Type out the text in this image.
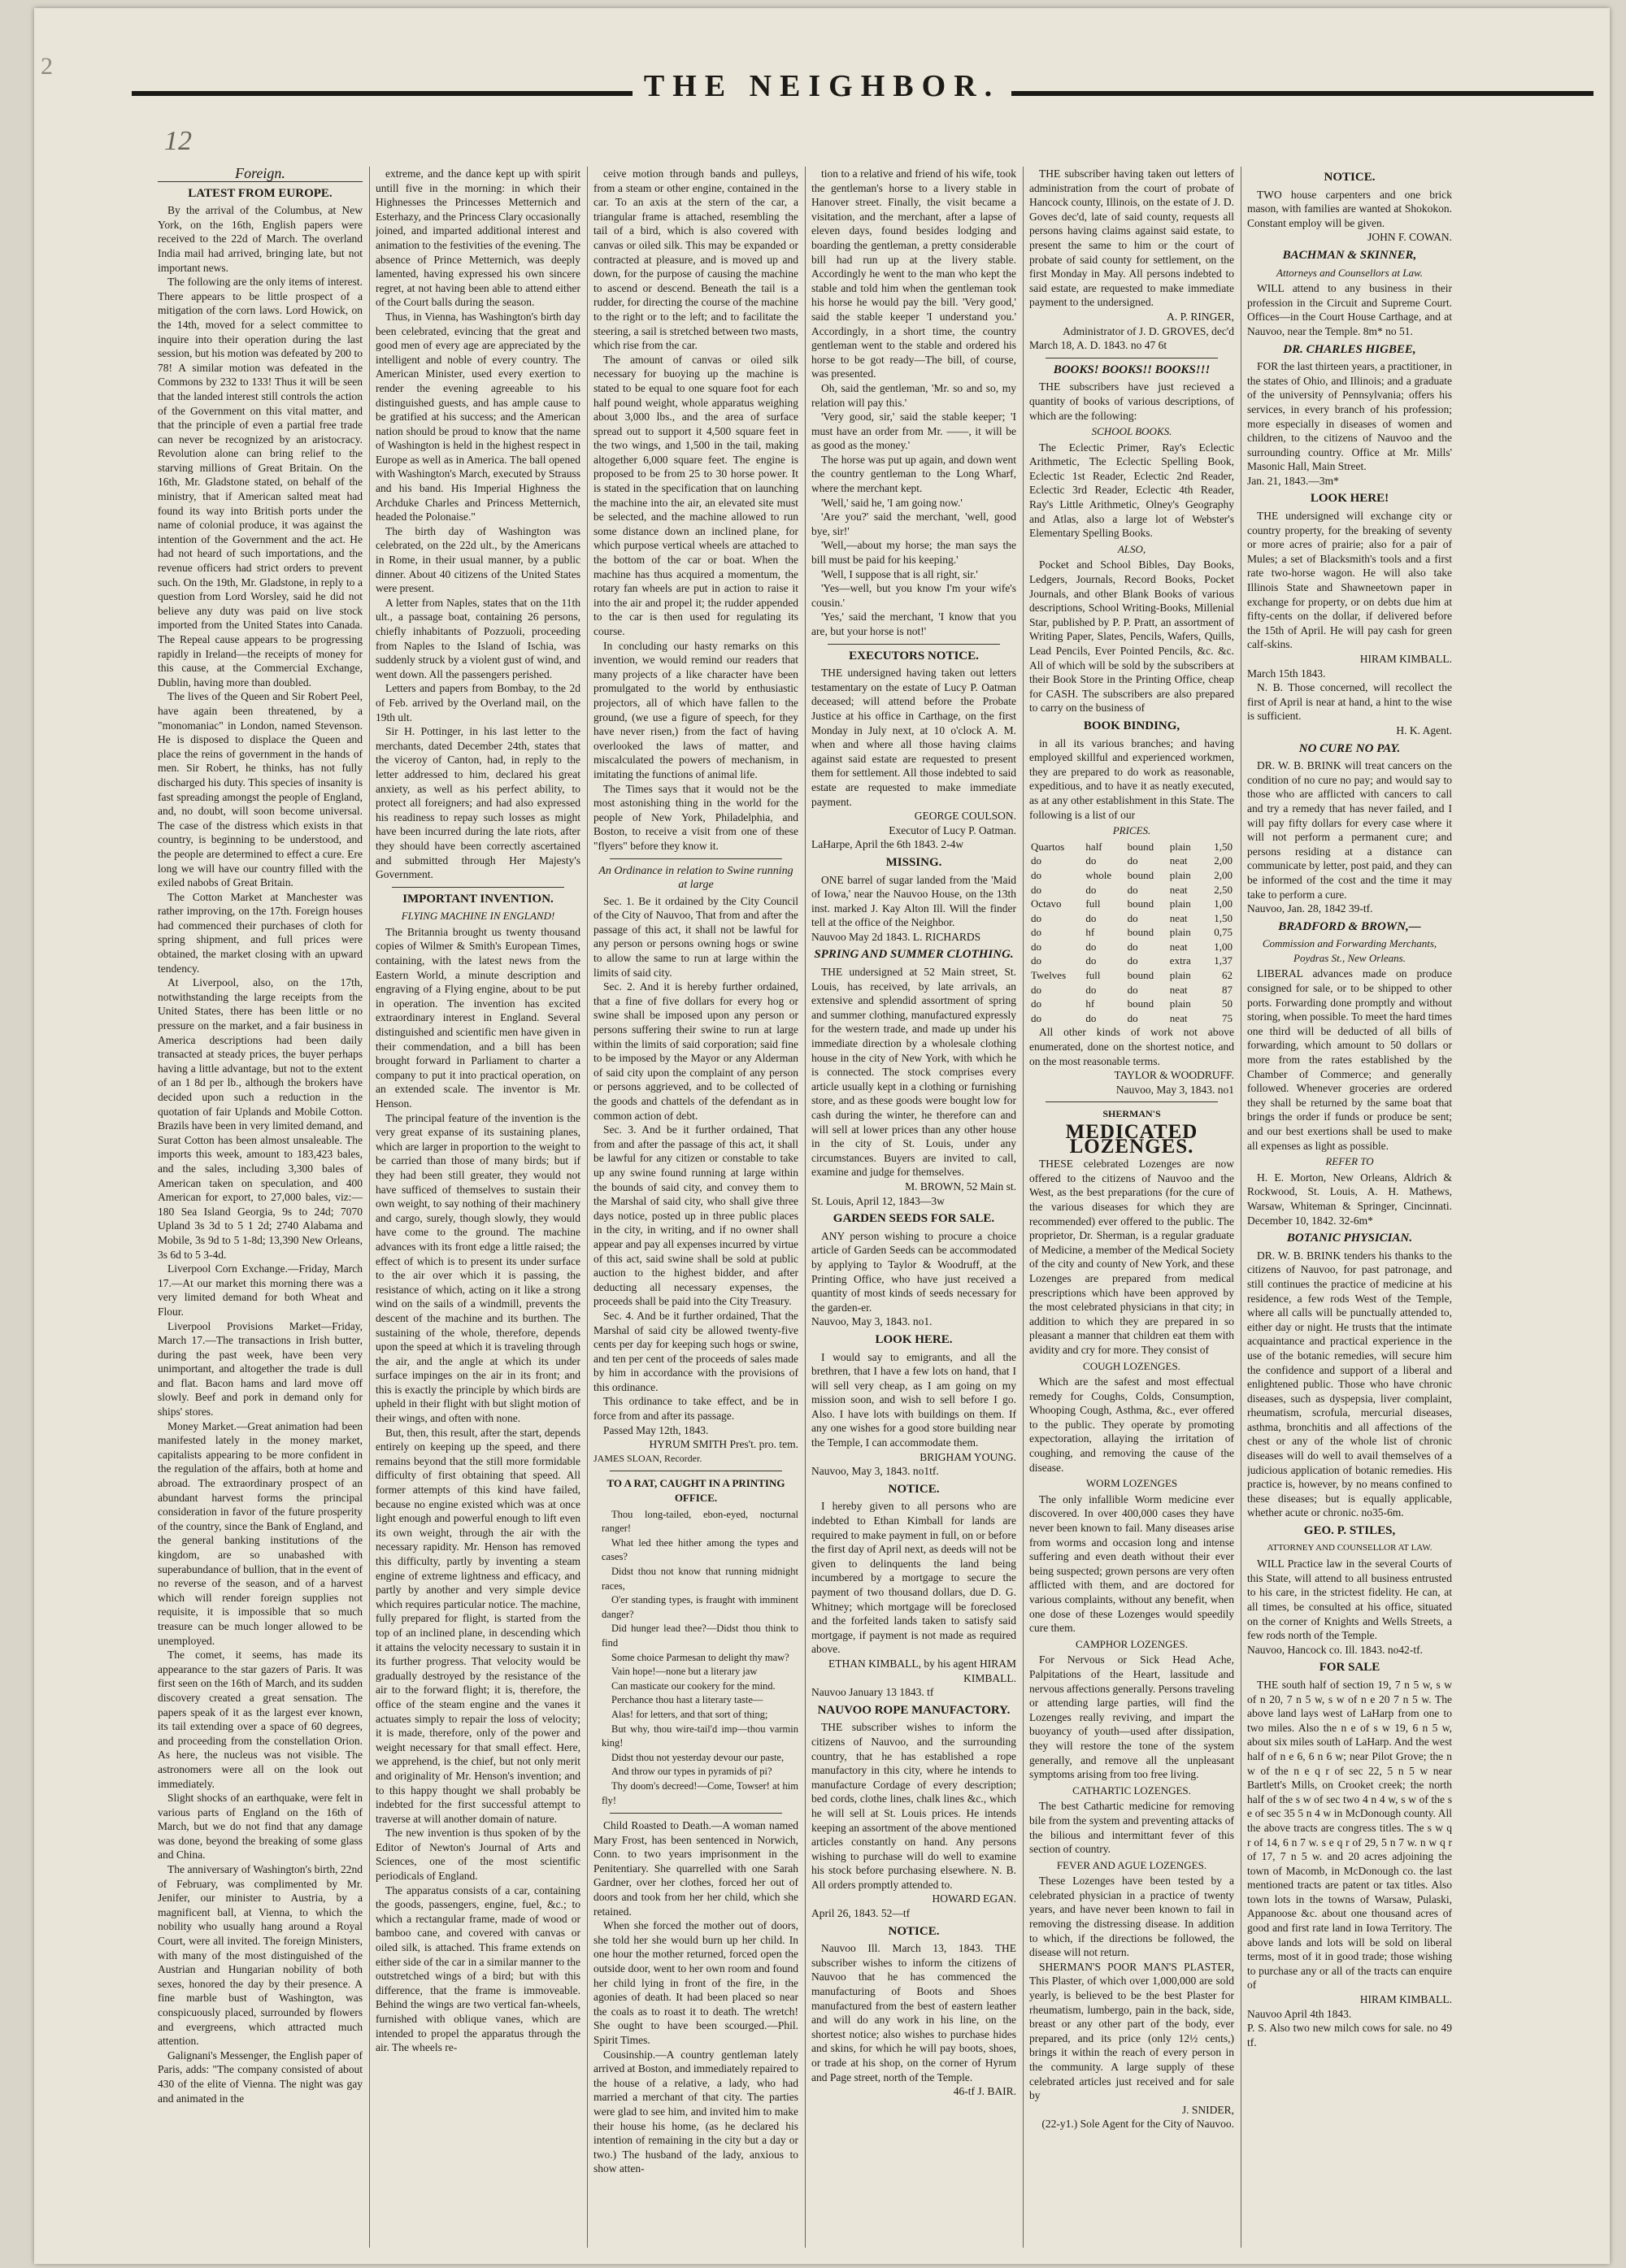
2
THE NEIGHBOR.
12
Foreign.
LATEST FROM EUROPE.

By the arrival of the Columbus, at New York, on the 16th, English papers were received to the 22d of March. The overland India mail had arrived, bringing late, but not important news.

The following are the only items of interest. There appears to be little prospect of a mitigation of the corn laws. Lord Howick, on the 14th, moved for a select committee to inquire into their operation during the last session, but his motion was defeated by 200 to 78! A similar motion was defeated in the Commons by 232 to 133! Thus it will be seen that the landed interest still controls the action of the Government on this vital matter, and that the principle of even a partial free trade can never be recognized by an aristocracy. Revolution alone can bring relief to the starving millions of Great Britain. On the 16th, Mr. Gladstone stated, on behalf of the ministry, that if American salted meat had found its way into British ports under the name of colonial produce, it was against the intention of the Government and the act. He had not heard of such importations, and the revenue officers had strict orders to prevent such. On the 19th, Mr. Gladstone, in reply to a question from Lord Worsley, said he did not believe any duty was paid on live stock imported from the United States into Canada. The Repeal cause appears to be progressing rapidly in Ireland—the receipts of money for this cause, at the Commercial Exchange, Dublin, having more than doubled.

The lives of the Queen and Sir Robert Peel, have again been threatened, by a "monomaniac" in London, named Stevenson. He is disposed to displace the Queen and place the reins of government in the hands of men. Sir Robert, he thinks, has not fully discharged his duty. This species of insanity is fast spreading amongst the people of England, and, no doubt, will soon become universal. The case of the distress which exists in that country, is beginning to be understood, and the people are determined to effect a cure. Ere long we will have our country filled with the exiled nabobs of Great Britain.

The Cotton Market at Manchester was rather improving, on the 17th. Foreign houses had commenced their purchases of cloth for spring shipment, and full prices were obtained, the market closing with an upward tendency.

At Liverpool, also, on the 17th, notwithstanding the large receipts from the United States, there has been little or no pressure on the market, and a fair business in America descriptions had been daily transacted at steady prices, the buyer perhaps having a little advantage, but not to the extent of an 1 8d per lb., although the brokers have decided upon such a reduction in the quotation of fair Uplands and Mobile Cotton. Brazils have been in very limited demand, and Surat Cotton has been almost unsaleable. The imports this week, amount to 183,423 bales, and the sales, including 3,300 bales of American taken on speculation, and 400 American for export, to 27,000 bales, viz:—180 Sea Island Georgia, 9s to 24d; 7070 Upland 3s 3d to 5 1 2d; 2740 Alabama and Mobile, 3s 9d to 5 1-8d; 13,390 New Orleans, 3s 6d to 5 3-4d.

Liverpool Corn Exchange.—Friday, March 17.—At our market this morning there was a very limited demand for both Wheat and Flour.

Liverpool Provisions Market—Friday, March 17.—The transactions in Irish butter, during the past week, have been very unimportant, and altogether the trade is dull and flat. Bacon hams and lard move off slowly. Beef and pork in demand only for ships' stores.

Money Market.—Great animation had been manifested lately in the money market, capitalists appearing to be more confident in the regulation of the affairs, both at home and abroad. The extraordinary prospect of an abundant harvest forms the principal consideration in favor of the future prosperity of the country, since the Bank of England, and the general banking institutions of the kingdom, are so unabashed with superabundance of bullion, that in the event of no reverse of the season, and of a harvest which will render foreign supplies not requisite, it is impossible that so much treasure can be much longer allowed to be unemployed.

The comet, it seems, has made its appearance to the star gazers of Paris. It was first seen on the 16th of March, and its sudden discovery created a great sensation. The papers speak of it as the largest ever known, its tail extending over a space of 60 degrees, and proceeding from the constellation Orion. As here, the nucleus was not visible. The astronomers were all on the look out immediately.

Slight shocks of an earthquake, were felt in various parts of England on the 16th of March, but we do not find that any damage was done, beyond the breaking of some glass and China.

The anniversary of Washington's birth, 22nd of February, was complimented by Mr. Jenifer, our minister to Austria, by a magnificent ball, at Vienna, to which the nobility who usually hang around a Royal Court, were all invited. The foreign Ministers, with many of the most distinguished of the Austrian and Hungarian nobility of both sexes, honored the day by their presence. A fine marble bust of Washington, was conspicuously placed, surrounded by flowers and evergreens, which attracted much attention.

Galignani's Messenger, the English paper of Paris, adds: "The company consisted of about 430 of the elite of Vienna. The night was gay and animated in the

extreme, and the dance kept up with spirit untill five in the morning: in which their Highnesses the Princesses Metternich and Esterhazy, and the Princess Clary occasionally joined, and imparted additional interest and animation to the festivities of the evening. The absence of Prince Metternich, was deeply lamented, having expressed his own sincere regret, at not having been able to attend either of the Court balls during the season.

Thus, in Vienna, has Washington's birth day been celebrated, evincing that the great and good men of every age are appreciated by the intelligent and noble of every country. The American Minister, used every exertion to render the evening agreeable to his distinguished guests, and has ample cause to be gratified at his success; and the American nation should be proud to know that the name of Washington is held in the highest respect in Europe as well as in America. The ball opened with Washington's March, executed by Strauss and his band. His Imperial Highness the Archduke Charles and Princess Metternich, headed the Polonaise."

The birth day of Washington was celebrated, on the 22d ult., by the Americans in Rome, in their usual manner, by a public dinner. About 40 citizens of the United States were present.

A letter from Naples, states that on the 11th ult., a passage boat, containing 26 persons, chiefly inhabitants of Pozzuoli, proceeding from Naples to the Island of Ischia, was suddenly struck by a violent gust of wind, and went down. All the passengers perished.

Letters and papers from Bombay, to the 2d of Feb. arrived by the Overland mail, on the 19th ult.

Sir H. Pottinger, in his last letter to the merchants, dated December 24th, states that the viceroy of Canton, had, in reply to the letter addressed to him, declared his great anxiety, as well as his perfect ability, to protect all foreigners; and had also expressed his readiness to repay such losses as might have been incurred during the late riots, after they should have been correctly ascertained and submitted through Her Majesty's Government.

IMPORTANT INVENTION.
FLYING MACHINE IN ENGLAND!

The Britannia brought us twenty thousand copies of Wilmer & Smith's European Times, containing, with the latest news from the Eastern World, a minute description and engraving of a Flying engine, about to be put in operation. The invention has excited extraordinary interest in England. Several distinguished and scientific men have given in their commendation, and a bill has been brought forward in Parliament to charter a company to put it into practical operation, on an extended scale. The inventor is Mr. Henson.

The principal feature of the invention is the very great expanse of its sustaining planes, which are larger in proportion to the weight to be carried than those of many birds; but if they had been still greater, they would not have sufficed of themselves to sustain their own weight, to say nothing of their machinery and cargo, surely, though slowly, they would have come to the ground. The machine advances with its front edge a little raised; the effect of which is to present its under surface to the air over which it is passing, the resistance of which, acting on it like a strong wind on the sails of a windmill, prevents the descent of the machine and its burthen. The sustaining of the whole, therefore, depends upon the speed at which it is traveling through the air, and the angle at which its under surface impinges on the air in its front; and this is exactly the principle by which birds are upheld in their flight with but slight motion of their wings, and often with none.

But, then, this result, after the start, depends entirely on keeping up the speed, and there remains beyond that the still more formidable difficulty of first obtaining that speed. All former attempts of this kind have failed, because no engine existed which was at once light enough and powerful enough to lift even its own weight, through the air with the necessary rapidity. Mr. Henson has removed this difficulty, partly by inventing a steam engine of extreme lightness and efficacy, and partly by another and very simple device which requires particular notice. The machine, fully prepared for flight, is started from the top of an inclined plane, in descending which it attains the velocity necessary to sustain it in its further progress. That velocity would be gradually destroyed by the resistance of the air to the forward flight; it is, therefore, the office of the steam engine and the vanes it actuates simply to repair the loss of velocity; it is made, therefore, only of the power and weight necessary for that small effect. Here, we apprehend, is the chief, but not only merit and originality of Mr. Henson's invention; and to this happy thought we shall probably be indebted for the first successful attempt to traverse at will another domain of nature.

The new invention is thus spoken of by the Editor of Newton's Journal of Arts and Sciences, one of the most scientific periodicals of England.

The apparatus consists of a car, containing the goods, passengers, engine, fuel, &c.; to which a rectangular frame, made of wood or bamboo cane, and covered with canvas or oiled silk, is attached. This frame extends on either side of the car in a similar manner to the outstretched wings of a bird; but with this difference, that the frame is immoveable. Behind the wings are two vertical fan-wheels, furnished with oblique vanes, which are intended to propel the apparatus through the air. The wheels re-

ceive motion through bands and pulleys, from a steam or other engine, contained in the car. To an axis at the stern of the car, a triangular frame is attached, resembling the tail of a bird, which is also covered with canvas or oiled silk. This may be expanded or contracted at pleasure, and is moved up and down, for the purpose of causing the machine to ascend or descend. Beneath the tail is a rudder, for directing the course of the machine to the right or to the left; and to facilitate the steering, a sail is stretched between two masts, which rise from the car.

The amount of canvas or oiled silk necessary for buoying up the machine is stated to be equal to one square foot for each half pound weight, whole apparatus weighing about 3,000 lbs., and the area of surface spread out to support it 4,500 square feet in the two wings, and 1,500 in the tail, making altogether 6,000 square feet. The engine is proposed to be from 25 to 30 horse power. It is stated in the specification that on launching the machine into the air, an elevated site must be selected, and the machine allowed to run some distance down an inclined plane, for which purpose vertical wheels are attached to the bottom of the car or boat. When the machine has thus acquired a momentum, the rotary fan wheels are put in action to raise it into the air and propel it; the rudder appended to the car is then used for regulating its course.

In concluding our hasty remarks on this invention, we would remind our readers that many projects of a like character have been promulgated to the world by enthusiastic projectors, all of which have fallen to the ground, (we use a figure of speech, for they have never risen,) from the fact of having overlooked the laws of matter, and miscalculated the powers of mechanism, in imitating the functions of animal life.

The Times says that it would not be the most astonishing thing in the world for the people of New York, Philadelphia, and Boston, to receive a visit from one of these "flyers" before they know it.

An Ordinance in relation to Swine running at large

Sec. 1. Be it ordained by the City Council of the City of Nauvoo, That from and after the passage of this act, it shall not be lawful for any person or persons owning hogs or swine to allow the same to run at large within the limits of said city.

Sec. 2. And it is hereby further ordained, that a fine of five dollars for every hog or swine shall be imposed upon any person or persons suffering their swine to run at large within the limits of said corporation; said fine to be imposed by the Mayor or any Alderman of said city upon the complaint of any person or persons aggrieved, and to be collected of the goods and chattels of the defendant as in common action of debt.

Sec. 3. And be it further ordained, That from and after the passage of this act, it shall be lawful for any citizen or constable to take up any swine found running at large within the bounds of said city, and convey them to the Marshal of said city, who shall give three days notice, posted up in three public places in the city, in writing, and if no owner shall appear and pay all expenses incurred by virtue of this act, said swine shall be sold at public auction to the highest bidder, and after deducting all necessary expenses, the proceeds shall be paid into the City Treasury.

Sec. 4. And be it further ordained, That the Marshal of said city be allowed twenty-five cents per day for keeping such hogs or swine, and ten per cent of the proceeds of sales made by him in accordance with the provisions of this ordinance.

This ordinance to take effect, and be in force from and after its passage.

Passed May 12th, 1843.

HYRUM SMITH Pres't. pro. tem.
JAMES SLOAN, Recorder.
TO A RAT, CAUGHT IN A PRINTING OFFICE.

Thou long-tailed, ebon-eyed, nocturnal ranger!

What led thee hither among the types and cases?

Didst thou not know that running midnight races,

O'er standing types, is fraught with imminent danger?

Did hunger lead thee?—Didst thou think to find

Some choice Parmesan to delight thy maw?

Vain hope!—none but a literary jaw

Can masticate our cookery for the mind.

Perchance thou hast a literary taste—

Alas! for letters, and that sort of thing;

But why, thou wire-tail'd imp—thou varmin king!

Didst thou not yesterday devour our paste,

And throw our types in pyramids of pi?

Thy doom's decreed!—Come, Towser! at him fly!

Child Roasted to Death.—A woman named Mary Frost, has been sentenced in Norwich, Conn. to two years imprisonment in the Penitentiary. She quarrelled with one Sarah Gardner, over her clothes, forced her out of doors and took from her her child, which she retained.

When she forced the mother out of doors, she told her she would burn up her child. In one hour the mother returned, forced open the outside door, went to her own room and found her child lying in front of the fire, in the agonies of death. It had been placed so near the coals as to roast it to death. The wretch! She ought to have been scourged.—Phil. Spirit Times.

Cousinship.—A country gentleman lately arrived at Boston, and immediately repaired to the house of a relative, a lady, who had married a merchant of that city. The parties were glad to see him, and invited him to make their house his home, (as he declared his intention of remaining in the city but a day or two.) The husband of the lady, anxious to show atten-

tion to a relative and friend of his wife, took the gentleman's horse to a livery stable in Hanover street. Finally, the visit became a visitation, and the merchant, after a lapse of eleven days, found besides lodging and boarding the gentleman, a pretty considerable bill had run up at the livery stable. Accordingly he went to the man who kept the stable and told him when the gentleman took his horse he would pay the bill. 'Very good,' said the stable keeper 'I understand you.' Accordingly, in a short time, the country gentleman went to the stable and ordered his horse to be got ready—The bill, of course, was presented.

Oh, said the gentleman, 'Mr. so and so, my relation will pay this.'

'Very good, sir,' said the stable keeper; 'I must have an order from Mr. ——, it will be as good as the money.'

The horse was put up again, and down went the country gentleman to the Long Wharf, where the merchant kept.

'Well,' said he, 'I am going now.'

'Are you?' said the merchant, 'well, good bye, sir!'

'Well,—about my horse; the man says the bill must be paid for his keeping.'

'Well, I suppose that is all right, sir.'

'Yes—well, but you know I'm your wife's cousin.'

'Yes,' said the merchant, 'I know that you are, but your horse is not!'

EXECUTORS NOTICE.

THE undersigned having taken out letters testamentary on the estate of Lucy P. Oatman deceased; will attend before the Probate Justice at his office in Carthage, on the first Monday in July next, at 10 o'clock A. M. when and where all those having claims against said estate are requested to present them for settlement. All those indebted to said estate are requested to make immediate payment.

GEORGE COULSON.
Executor of Lucy P. Oatman.
LaHarpe, April the 6th 1843. 2-4w
MISSING.

ONE barrel of sugar landed from the 'Maid of Iowa,' near the Nauvoo House, on the 13th inst. marked J. Kay Alton Ill. Will the finder tell at the office of the Neighbor.

Nauvoo May 2d 1843. L. RICHARDS
SPRING AND SUMMER CLOTHING.

THE undersigned at 52 Main street, St. Louis, has received, by late arrivals, an extensive and splendid assortment of spring and summer clothing, manufactured expressly for the western trade, and made up under his immediate direction by a wholesale clothing house in the city of New York, with which he is connected. The stock comprises every article usually kept in a clothing or furnishing store, and as these goods were bought low for cash during the winter, he therefore can and will sell at lower prices than any other house in the city of St. Louis, under any circumstances. Buyers are invited to call, examine and judge for themselves.

M. BROWN, 52 Main st.
St. Louis, April 12, 1843—3w
GARDEN SEEDS FOR SALE.

ANY person wishing to procure a choice article of Garden Seeds can be accommodated by applying to Taylor & Woodruff, at the Printing Office, who have just received a quantity of most kinds of seeds necessary for the garden-er.

Nauvoo, May 3, 1843. no1.
LOOK HERE.

I would say to emigrants, and all the brethren, that I have a few lots on hand, that I will sell very cheap, as I am going on my mission soon, and wish to sell before I go. Also. I have lots with buildings on them. If any one wishes for a good store building near the Temple, I can accommodate them.

BRIGHAM YOUNG.
Nauvoo, May 3, 1843. no1tf.
NOTICE.

I hereby given to all persons who are indebted to Ethan Kimball for lands are required to make payment in full, on or before the first day of April next, as deeds will not be given to delinquents the land being incumbered by a mortgage to secure the payment of two thousand dollars, due D. G. Whitney; which mortgage will be foreclosed and the forfeited lands taken to satisfy said mortgage, if payment is not made as required above.

ETHAN KIMBALL, by his agent HIRAM KIMBALL.
Nauvoo January 13 1843. tf
NAUVOO ROPE MANUFACTORY.

THE subscriber wishes to inform the citizens of Nauvoo, and the surrounding country, that he has established a rope manufactory in this city, where he intends to manufacture Cordage of every description; bed cords, clothe lines, chalk lines &c., which he will sell at St. Louis prices. He intends keeping an assortment of the above mentioned articles constantly on hand. Any persons wishing to purchase will do well to examine his stock before purchasing elsewhere. N. B. All orders promptly attended to.

HOWARD EGAN.
April 26, 1843. 52—tf
NOTICE.

Nauvoo Ill. March 13, 1843. THE subscriber wishes to inform the citizens of Nauvoo that he has commenced the manufacturing of Boots and Shoes manufactured from the best of eastern leather and will do any work in his line, on the shortest notice; also wishes to purchase hides and skins, for which he will pay boots, shoes, or trade at his shop, on the corner of Hyrum and Page street, north of the Temple.

46-tf J. BAIR.

THE subscriber having taken out letters of administration from the court of probate of Hancock county, Illinois, on the estate of J. D. Goves dec'd, late of said county, requests all persons having claims against said estate, to present the same to him or the court of probate of said county for settlement, on the first Monday in May. All persons indebted to said estate, are requested to make immediate payment to the undersigned.

A. P. RINGER,
Administrator of J. D. GROVES, dec'd
March 18, A. D. 1843. no 47 6t
BOOKS! BOOKS!! BOOKS!!!

THE subscribers have just recieved a quantity of books of various descriptions, of which are the following:

SCHOOL BOOKS.

The Eclectic Primer, Ray's Eclectic Arithmetic, The Eclectic Spelling Book, Eclectic 1st Reader, Eclectic 2nd Reader, Eclectic 3rd Reader, Eclectic 4th Reader, Ray's Little Arithmetic, Olney's Geography and Atlas, also a large lot of Webster's Elementary Spelling Books.

ALSO,

Pocket and School Bibles, Day Books, Ledgers, Journals, Record Books, Pocket Journals, and other Blank Books of various descriptions, School Writing-Books, Millenial Star, published by P. P. Pratt, an assortment of Writing Paper, Slates, Pencils, Wafers, Quills, Lead Pencils, Ever Pointed Pencils, &c. &c. All of which will be sold by the subscribers at their Book Store in the Printing Office, cheap for CASH. The subscribers are also prepared to carry on the business of

BOOK BINDING,

in all its various branches; and having employed skillful and experienced workmen, they are prepared to do work as reasonable, expeditious, and to have it as neatly executed, as at any other establishment in this State. The following is a list of our

PRICES.
Quartos	half	bound	plain	1,50
do	do	do	neat	2,00
do	whole	bound	plain	2,00
do	do	do	neat	2,50
Octavo	full	bound	plain	1,00
do	do	do	neat	1,50
do	hf	bound	plain	0,75
do	do	do	neat	1,00
do	do	do	extra	1,37
Twelves	full	bound	plain	62
do	do	do	neat	87
do	hf	bound	plain	50
do	do	do	neat	75

All other kinds of work not above enumerated, done on the shortest notice, and on the most reasonable terms.

TAYLOR & WOODRUFF.
Nauvoo, May 3, 1843. no1
SHERMAN'S
MEDICATED LOZENGES.

THESE celebrated Lozenges are now offered to the citizens of Nauvoo and the West, as the best preparations (for the cure of the various diseases for which they are recommended) ever offered to the public. The proprietor, Dr. Sherman, is a regular graduate of Medicine, a member of the Medical Society of the city and county of New York, and these Lozenges are prepared from medical prescriptions which have been approved by the most celebrated physicians in that city; in addition to which they are prepared in so pleasant a manner that children eat them with avidity and cry for more. They consist of

COUGH LOZENGES.

Which are the safest and most effectual remedy for Coughs, Colds, Consumption, Whooping Cough, Asthma, &c., ever offered to the public. They operate by promoting expectoration, allaying the irritation of coughing, and removing the cause of the disease.

WORM LOZENGES

The only infallible Worm medicine ever discovered. In over 400,000 cases they have never been known to fail. Many diseases arise from worms and occasion long and intense suffering and even death without their ever being suspected; grown persons are very often afflicted with them, and are doctored for various complaints, without any benefit, when one dose of these Lozenges would speedily cure them.

CAMPHOR LOZENGES.

For Nervous or Sick Head Ache, Palpitations of the Heart, lassitude and nervous affections generally. Persons traveling or attending large parties, will find the Lozenges really reviving, and impart the buoyancy of youth—used after dissipation, they will restore the tone of the system generally, and remove all the unpleasant symptoms arising from too free living.

CATHARTIC LOZENGES.

The best Cathartic medicine for removing bile from the system and preventing attacks of the bilious and intermittant fever of this section of country.

FEVER AND AGUE LOZENGES.

These Lozenges have been tested by a celebrated physician in a practice of twenty years, and have never been known to fail in removing the distressing disease. In addition to which, if the directions be followed, the disease will not return.

SHERMAN'S POOR MAN'S PLASTER, This Plaster, of which over 1,000,000 are sold yearly, is believed to be the best Plaster for rheumatism, lumbergo, pain in the back, side, breast or any other part of the body, ever prepared, and its price (only 12½ cents,) brings it within the reach of every person in the community. A large supply of these celebrated articles just received and for sale by

J. SNIDER,
(22-y1.) Sole Agent for the City of Nauvoo.
NOTICE.

TWO house carpenters and one brick mason, with families are wanted at Shokokon. Constant employ will be given.

JOHN F. COWAN.
BACHMAN & SKINNER,
Attorneys and Counsellors at Law.

WILL attend to any business in their profession in the Circuit and Supreme Court. Offices—in the Court House Carthage, and at Nauvoo, near the Temple. 8m* no 51.

DR. CHARLES HIGBEE,

FOR the last thirteen years, a practitioner, in the states of Ohio, and Illinois; and a graduate of the university of Pennsylvania; offers his services, in every branch of his profession; more especially in diseases of women and children, to the citizens of Nauvoo and the surrounding country. Office at Mr. Mills' Masonic Hall, Main Street.

Jan. 21, 1843.—3m*
LOOK HERE!

THE undersigned will exchange city or country property, for the breaking of seventy or more acres of prairie; also for a pair of Mules; a set of Blacksmith's tools and a first rate two-horse wagon. He will also take Illinois State and Shawneetown paper in exchange for property, or on debts due him at fifty-cents on the dollar, if delivered before the 15th of April. He will pay cash for green calf-skins.

HIRAM KIMBALL.
March 15th 1843.

N. B. Those concerned, will recollect the first of April is near at hand, a hint to the wise is sufficient.

H. K. Agent.
NO CURE NO PAY.

DR. W. B. BRINK will treat cancers on the condition of no cure no pay; and would say to those who are afflicted with cancers to call and try a remedy that has never failed, and I will pay fifty dollars for every case where it will not perform a permanent cure; and persons residing at a distance can communicate by letter, post paid, and they can be informed of the cost and the time it may take to perform a cure.

Nauvoo, Jan. 28, 1842 39-tf.
BRADFORD & BROWN,—
Commission and Forwarding Merchants, Poydras St., New Orleans.

LIBERAL advances made on produce consigned for sale, or to be shipped to other ports. Forwarding done promptly and without storing, when possible. To meet the hard times one third will be deducted of all bills of forwarding, which amount to 50 dollars or more from the rates established by the Chamber of Commerce; and generally followed. Whenever groceries are ordered they shall be returned by the same boat that brings the order if funds or produce be sent; and our best exertions shall be used to make all expenses as light as possible.

REFER TO

H. E. Morton, New Orleans, Aldrich & Rockwood, St. Louis, A. H. Mathews, Warsaw, Whiteman & Springer, Cincinnati. December 10, 1842. 32-6m*

BOTANIC PHYSICIAN.

DR. W. B. BRINK tenders his thanks to the citizens of Nauvoo, for past patronage, and still continues the practice of medicine at his residence, a few rods West of the Temple, where all calls will be punctually attended to, either day or night. He trusts that the intimate acquaintance and practical experience in the use of the botanic remedies, will secure him the confidence and support of a liberal and enlightened public. Those who have chronic diseases, such as dyspepsia, liver complaint, rheumatism, scrofula, mercurial diseases, asthma, bronchitis and all affections of the chest or any of the whole list of chronic diseases will do well to avail themselves of a judicious application of botanic remedies. His practice is, however, by no means confined to these diseases; but is equally applicable, whether acute or chronic. no35-6m.

GEO. P. STILES,
ATTORNEY AND COUNSELLOR AT LAW.

WILL Practice law in the several Courts of this State, will attend to all business entrusted to his care, in the strictest fidelity. He can, at all times, be consulted at his office, situated on the corner of Knights and Wells Streets, a few rods north of the Temple.

Nauvoo, Hancock co. Ill. 1843. no42-tf.
FOR SALE

THE south half of section 19, 7 n 5 w, s w of n 20, 7 n 5 w, s w of n e 20 7 n 5 w. The above land lays west of LaHarp from one to two miles. Also the n e of s w 19, 6 n 5 w, about six miles south of LaHarp. And the west half of n e 6, 6 n 6 w; near Pilot Grove; the n w of the n e q r of sec 22, 5 n 5 w near Bartlett's Mills, on Crooket creek; the north half of the s w of sec two 4 n 4 w, s w of the s e of sec 35 5 n 4 w in McDonough county. All the above tracts are congress titles. The s w q r of 14, 6 n 7 w. s e q r of 29, 5 n 7 w. n w q r of 17, 7 n 5 w. and 20 acres adjoining the town of Macomb, in McDonough co. the last mentioned tracts are patent or tax titles. Also town lots in the towns of Warsaw, Pulaski, Appanoose &c. about one thousand acres of good and first rate land in Iowa Territory. The above lands and lots will be sold on liberal terms, most of it in good trade; those wishing to purchase any or all of the tracts can enquire of

HIRAM KIMBALL.
Nauvoo April 4th 1843.
P. S. Also two new milch cows for sale. no 49 tf.
